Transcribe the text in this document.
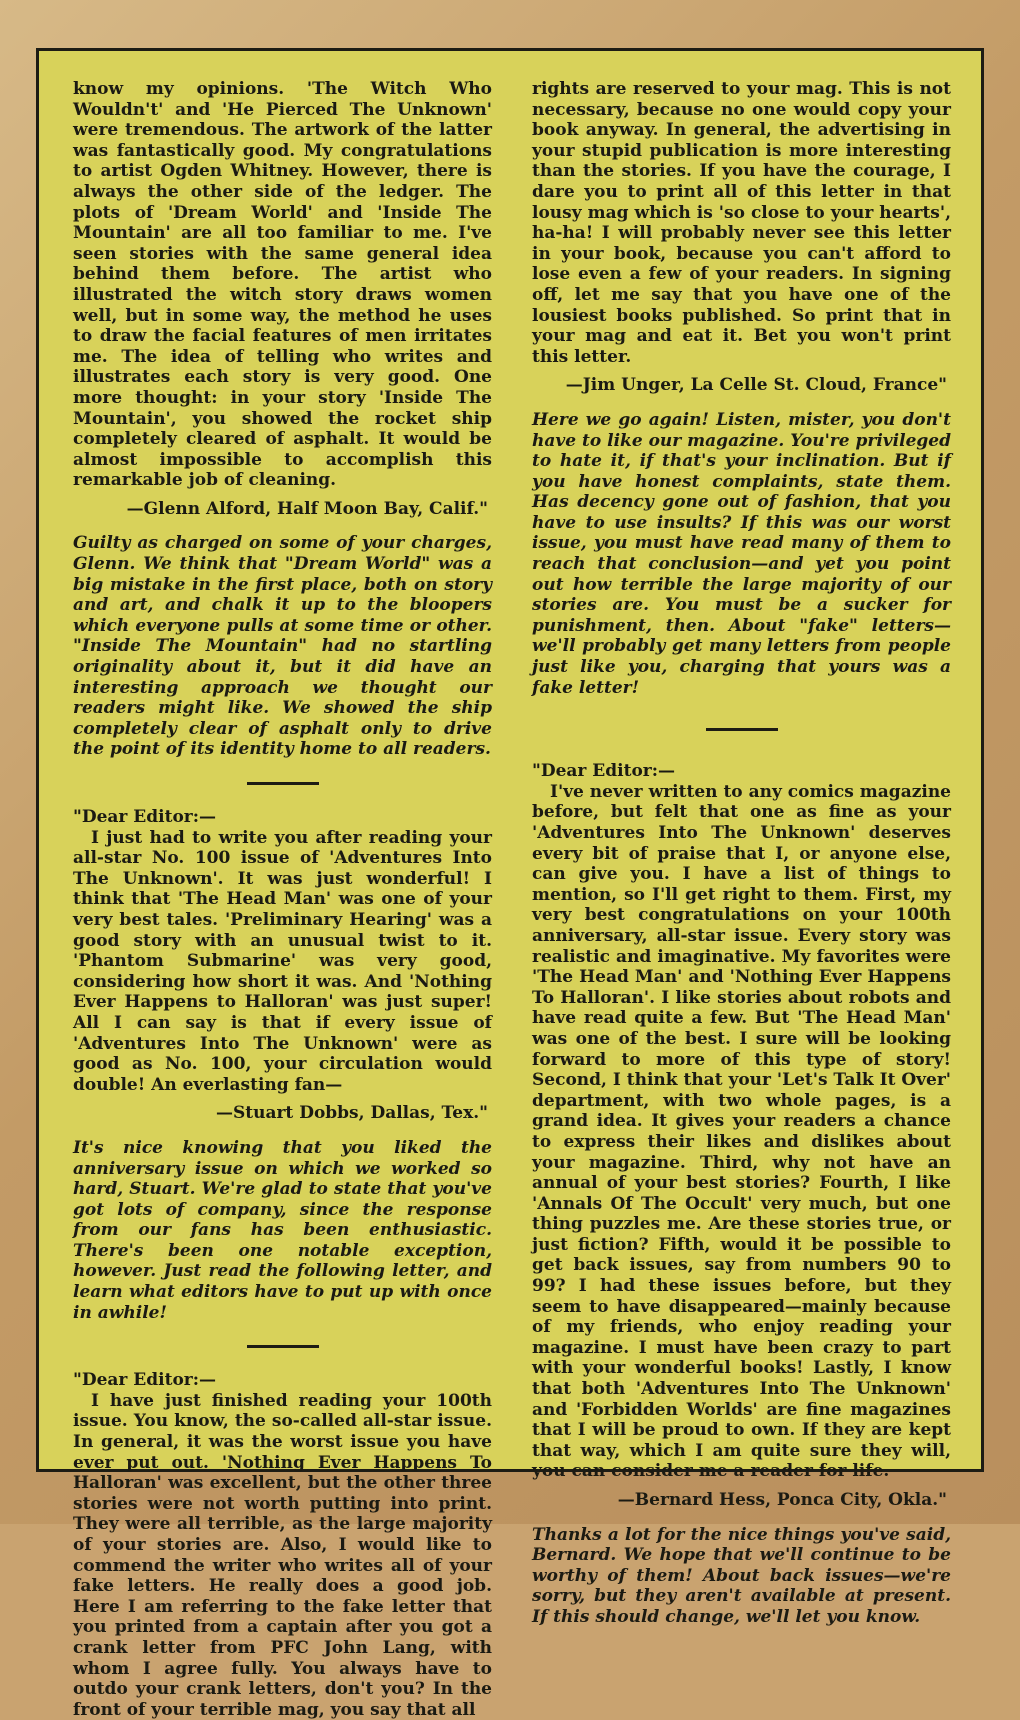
know my opinions. 'The Witch Who Wouldn't' and 'He Pierced The Unknown' were tremendous. The artwork of the latter was fantastically good. My congratulations to artist Ogden Whitney. However, there is always the other side of the ledger. The plots of 'Dream World' and 'Inside The Mountain' are all too familiar to me. I've seen stories with the same general idea behind them before. The artist who illustrated the witch story draws women well, but in some way, the method he uses to draw the facial features of men irritates me. The idea of telling who writes and illustrates each story is very good. One more thought: in your story 'Inside The Mountain', you showed the rocket ship completely cleared of asphalt. It would be almost impossible to accomplish this remarkable job of cleaning.

—Glenn Alford, Half Moon Bay, Calif."

Guilty as charged on some of your charges, Glenn. We think that "Dream World" was a big mistake in the first place, both on story and art, and chalk it up to the bloopers which everyone pulls at some time or other. "Inside The Mountain" had no startling originality about it, but it did have an interesting approach we thought our readers might like. We showed the ship completely clear of asphalt only to drive the point of its identity home to all readers.

"Dear Editor:—

I just had to write you after reading your all-star No. 100 issue of 'Adventures Into The Unknown'. It was just wonderful! I think that 'The Head Man' was one of your very best tales. 'Preliminary Hearing' was a good story with an unusual twist to it. 'Phantom Submarine' was very good, considering how short it was. And 'Nothing Ever Happens to Halloran' was just super! All I can say is that if every issue of 'Adventures Into The Unknown' were as good as No. 100, your circulation would double! An everlasting fan—

—Stuart Dobbs, Dallas, Tex."

It's nice knowing that you liked the anniversary issue on which we worked so hard, Stuart. We're glad to state that you've got lots of company, since the response from our fans has been enthusiastic. There's been one notable exception, however. Just read the following letter, and learn what editors have to put up with once in awhile!

"Dear Editor:—

I have just finished reading your 100th issue. You know, the so-called all-star issue. In general, it was the worst issue you have ever put out. 'Nothing Ever Happens To Halloran' was excellent, but the other three stories were not worth putting into print. They were all terrible, as the large majority of your stories are. Also, I would like to commend the writer who writes all of your fake letters. He really does a good job. Here I am referring to the fake letter that you printed from a captain after you got a crank letter from PFC John Lang, with whom I agree fully. You always have to outdo your crank letters, don't you? In the front of your terrible mag, you say that all

rights are reserved to your mag. This is not necessary, because no one would copy your book anyway. In general, the advertising in your stupid publication is more interesting than the stories. If you have the courage, I dare you to print all of this letter in that lousy mag which is 'so close to your hearts', ha-ha! I will probably never see this letter in your book, because you can't afford to lose even a few of your readers. In signing off, let me say that you have one of the lousiest books published. So print that in your mag and eat it. Bet you won't print this letter.

—Jim Unger, La Celle St. Cloud, France"

Here we go again! Listen, mister, you don't have to like our magazine. You're privileged to hate it, if that's your inclination. But if you have honest complaints, state them. Has decency gone out of fashion, that you have to use insults? If this was our worst issue, you must have read many of them to reach that conclusion—and yet you point out how terrible the large majority of our stories are. You must be a sucker for punishment, then. About "fake" letters—we'll probably get many letters from people just like you, charging that yours was a fake letter!

"Dear Editor:—

I've never written to any comics magazine before, but felt that one as fine as your 'Adventures Into The Unknown' deserves every bit of praise that I, or anyone else, can give you. I have a list of things to mention, so I'll get right to them. First, my very best congratulations on your 100th anniversary, all-star issue. Every story was realistic and imaginative. My favorites were 'The Head Man' and 'Nothing Ever Happens To Halloran'. I like stories about robots and have read quite a few. But 'The Head Man' was one of the best. I sure will be looking forward to more of this type of story! Second, I think that your 'Let's Talk It Over' department, with two whole pages, is a grand idea. It gives your readers a chance to express their likes and dislikes about your magazine. Third, why not have an annual of your best stories? Fourth, I like 'Annals Of The Occult' very much, but one thing puzzles me. Are these stories true, or just fiction? Fifth, would it be possible to get back issues, say from numbers 90 to 99? I had these issues before, but they seem to have disappeared—mainly because of my friends, who enjoy reading your magazine. I must have been crazy to part with your wonderful books! Lastly, I know that both 'Adventures Into The Unknown' and 'Forbidden Worlds' are fine magazines that I will be proud to own. If they are kept that way, which I am quite sure they will, you can consider me a reader for life.

—Bernard Hess, Ponca City, Okla."

Thanks a lot for the nice things you've said, Bernard. We hope that we'll continue to be worthy of them! About back issues—we're sorry, but they aren't available at present. If this should change, we'll let you know.
